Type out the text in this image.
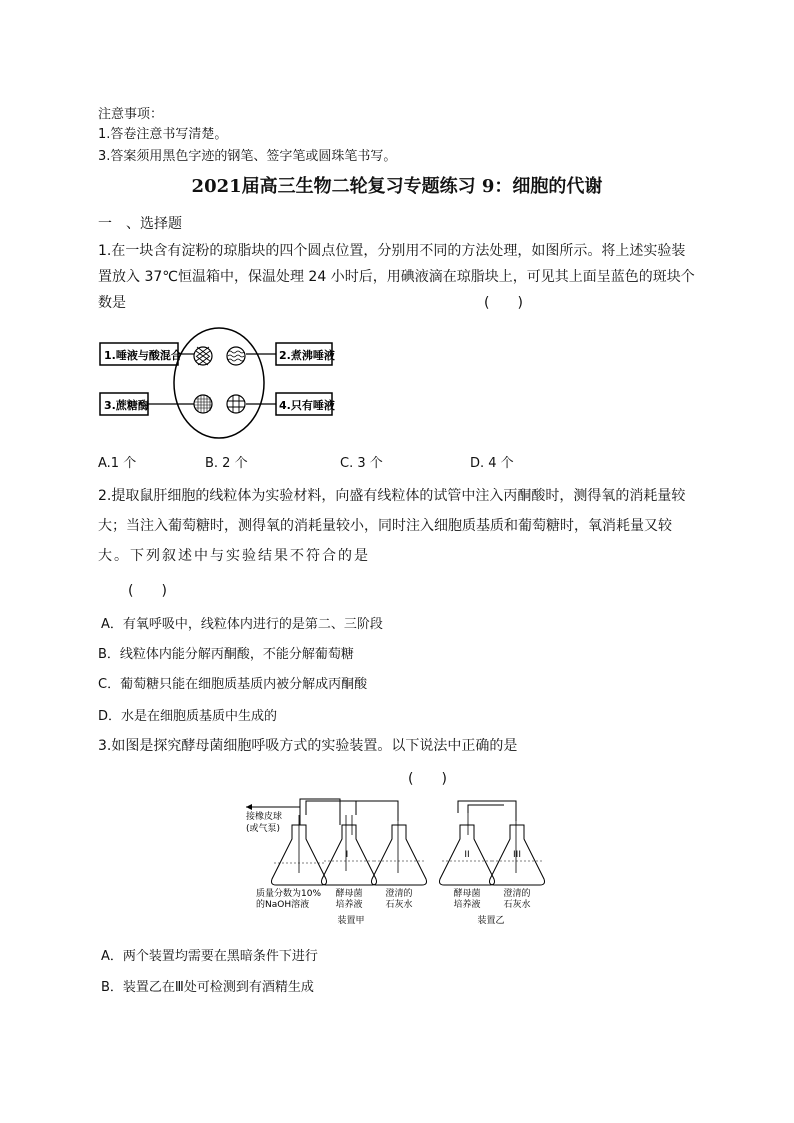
注意事项：
1.答卷注意书写清楚。
3.答案须用黑色字迹的钢笔、签字笔或圆珠笔书写。
2021届高三生物二轮复习专题练习 9：细胞的代谢
一　、选择题
1.在一块含有淀粉的琼脂块的四个圆点位置，分别用不同的方法处理，如图所示。将上述实验装
置放入 37℃恒温箱中，保温处理 24 小时后，用碘液滴在琼脂块上，可见其上面呈蓝色的斑块个
数是	(　　)
1.唾液与酸混合
3.蔗糖酶
2.煮沸唾液
4.只有唾液
A.1 个	B. 2 个	C. 3 个	D. 4 个
2.提取鼠肝细胞的线粒体为实验材料，向盛有线粒体的试管中注入丙酮酸时，测得氧的消耗量较
大；当注入葡萄糖时，测得氧的消耗量较小，同时注入细胞质基质和葡萄糖时，氧消耗量又较
大。下列叙述中与实验结果不符合的是
(　　)
A．有氧呼吸中，线粒体内进行的是第二、三阶段
B．线粒体内能分解丙酮酸，不能分解葡萄糖
C．葡萄糖只能在细胞质基质内被分解成丙酮酸
D．水是在细胞质基质中生成的
3.如图是探究酵母菌细胞呼吸方式的实验装置。以下说法中正确的是
(　　)
接橡皮球
(或气泵)
I	II	III
质量分数为10%
的NaOH溶液
酵母菌
培养液
澄清的
石灰水
酵母菌
培养液
澄清的
石灰水
装置甲	装置乙
A．两个装置均需要在黑暗条件下进行
B．装置乙在Ⅲ处可检测到有酒精生成
